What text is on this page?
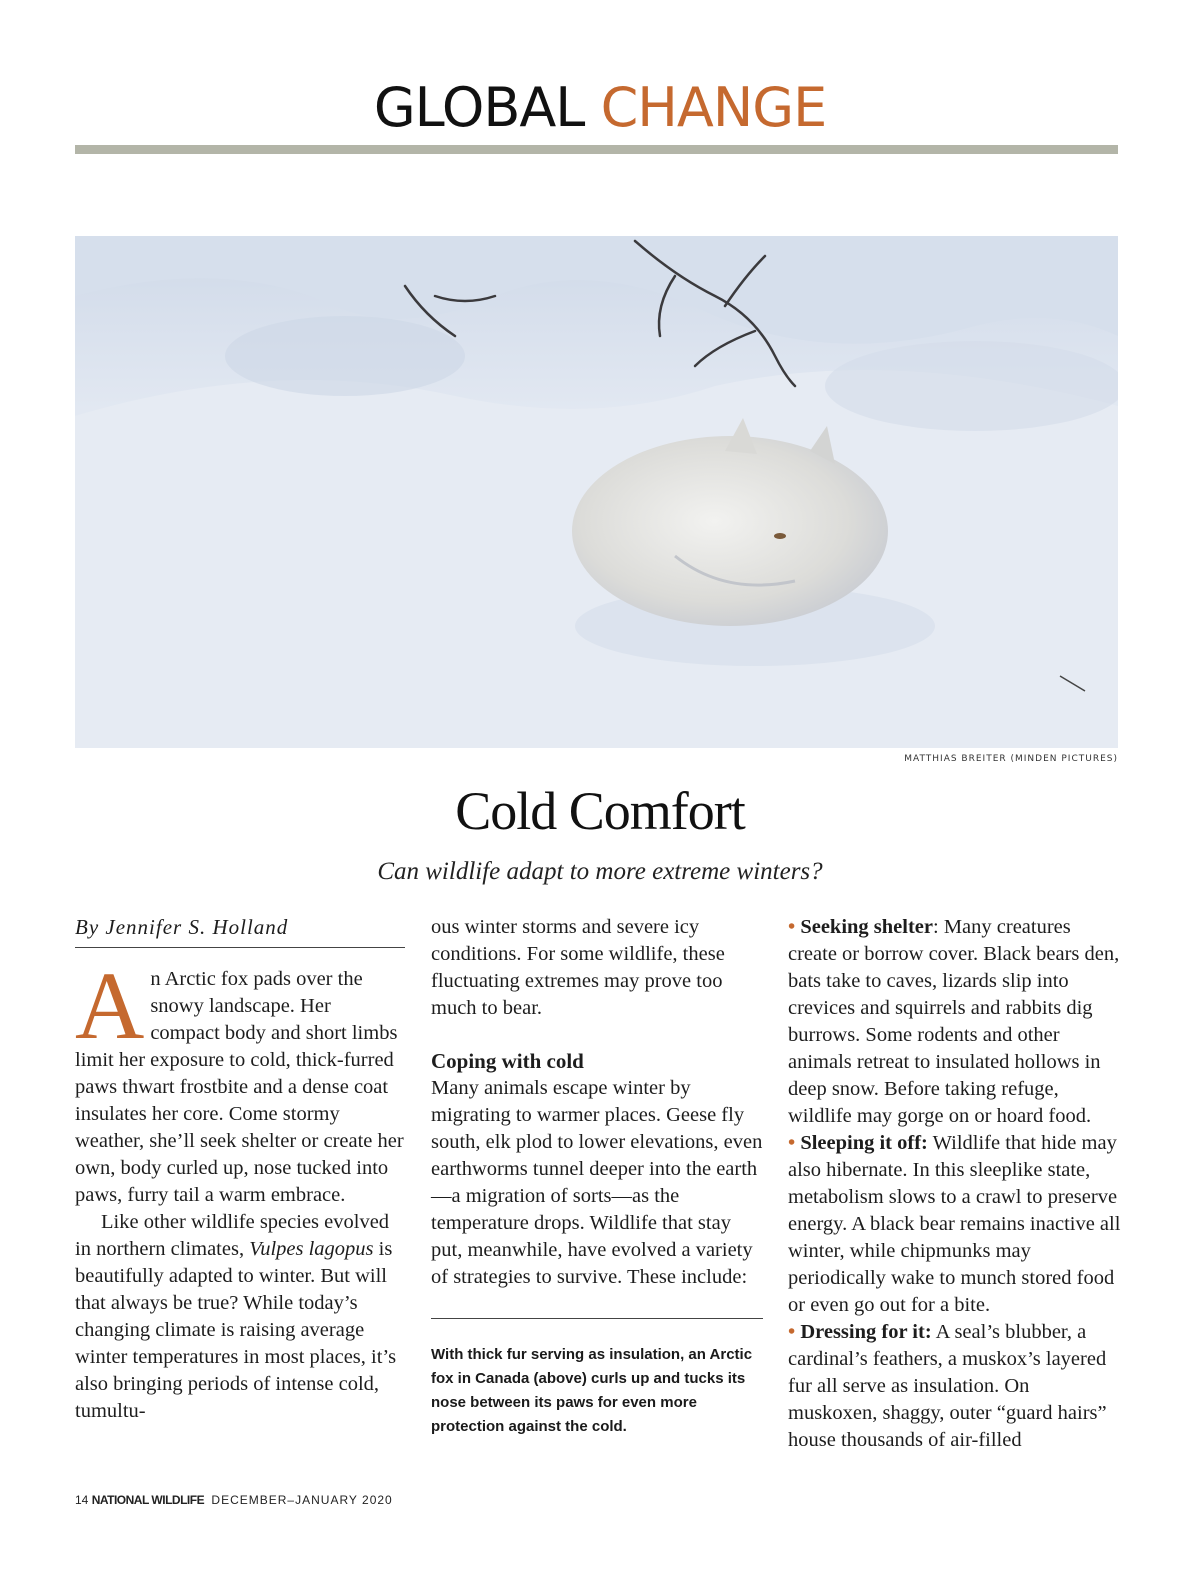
GLOBAL CHANGE
MATTHIAS BREITER (MINDEN PICTURES)
Cold Comfort
Can wildlife adapt to more extreme winters?
By Jennifer S. Holland

An Arctic fox pads over the snowy landscape. Her compact body and short limbs limit her exposure to cold, thick-furred paws thwart frostbite and a dense coat insulates her core. Come stormy weather, she’ll seek shelter or create her own, body curled up, nose tucked into paws, furry tail a warm embrace.

Like other wildlife species evolved in northern climates, Vulpes lagopus is beautifully adapted to winter. But will that always be true? While today’s changing climate is raising average winter temperatures in most places, it’s also bringing periods of intense cold, tumultu-

ous winter storms and severe icy conditions. For some wildlife, these fluctuating extremes may prove too much to bear.

Coping with cold

Many animals escape winter by migrating to warmer places. Geese fly south, elk plod to lower elevations, even earthworms tunnel deeper into the earth—a migration of sorts—as the temperature drops. Wildlife that stay put, meanwhile, have evolved a variety of strategies to survive. These include:

With thick fur serving as insulation, an Arctic fox in Canada (above) curls up and tucks its nose between its paws for even more protection against the cold.

• Seeking shelter: Many creatures create or borrow cover. Black bears den, bats take to caves, lizards slip into crevices and squirrels and rabbits dig burrows. Some rodents and other animals retreat to insulated hollows in deep snow. Before taking refuge, wildlife may gorge on or hoard food.

• Sleeping it off: Wildlife that hide may also hibernate. In this sleeplike state, metabolism slows to a crawl to preserve energy. A black bear remains inactive all winter, while chipmunks may periodically wake to munch stored food or even go out for a bite.

• Dressing for it: A seal’s blubber, a cardinal’s feathers, a muskox’s layered fur all serve as insulation. On muskoxen, shaggy, outer “guard hairs” house thousands of air-filled

14 NATIONAL WILDLIFE DECEMBER–JANUARY 2020
